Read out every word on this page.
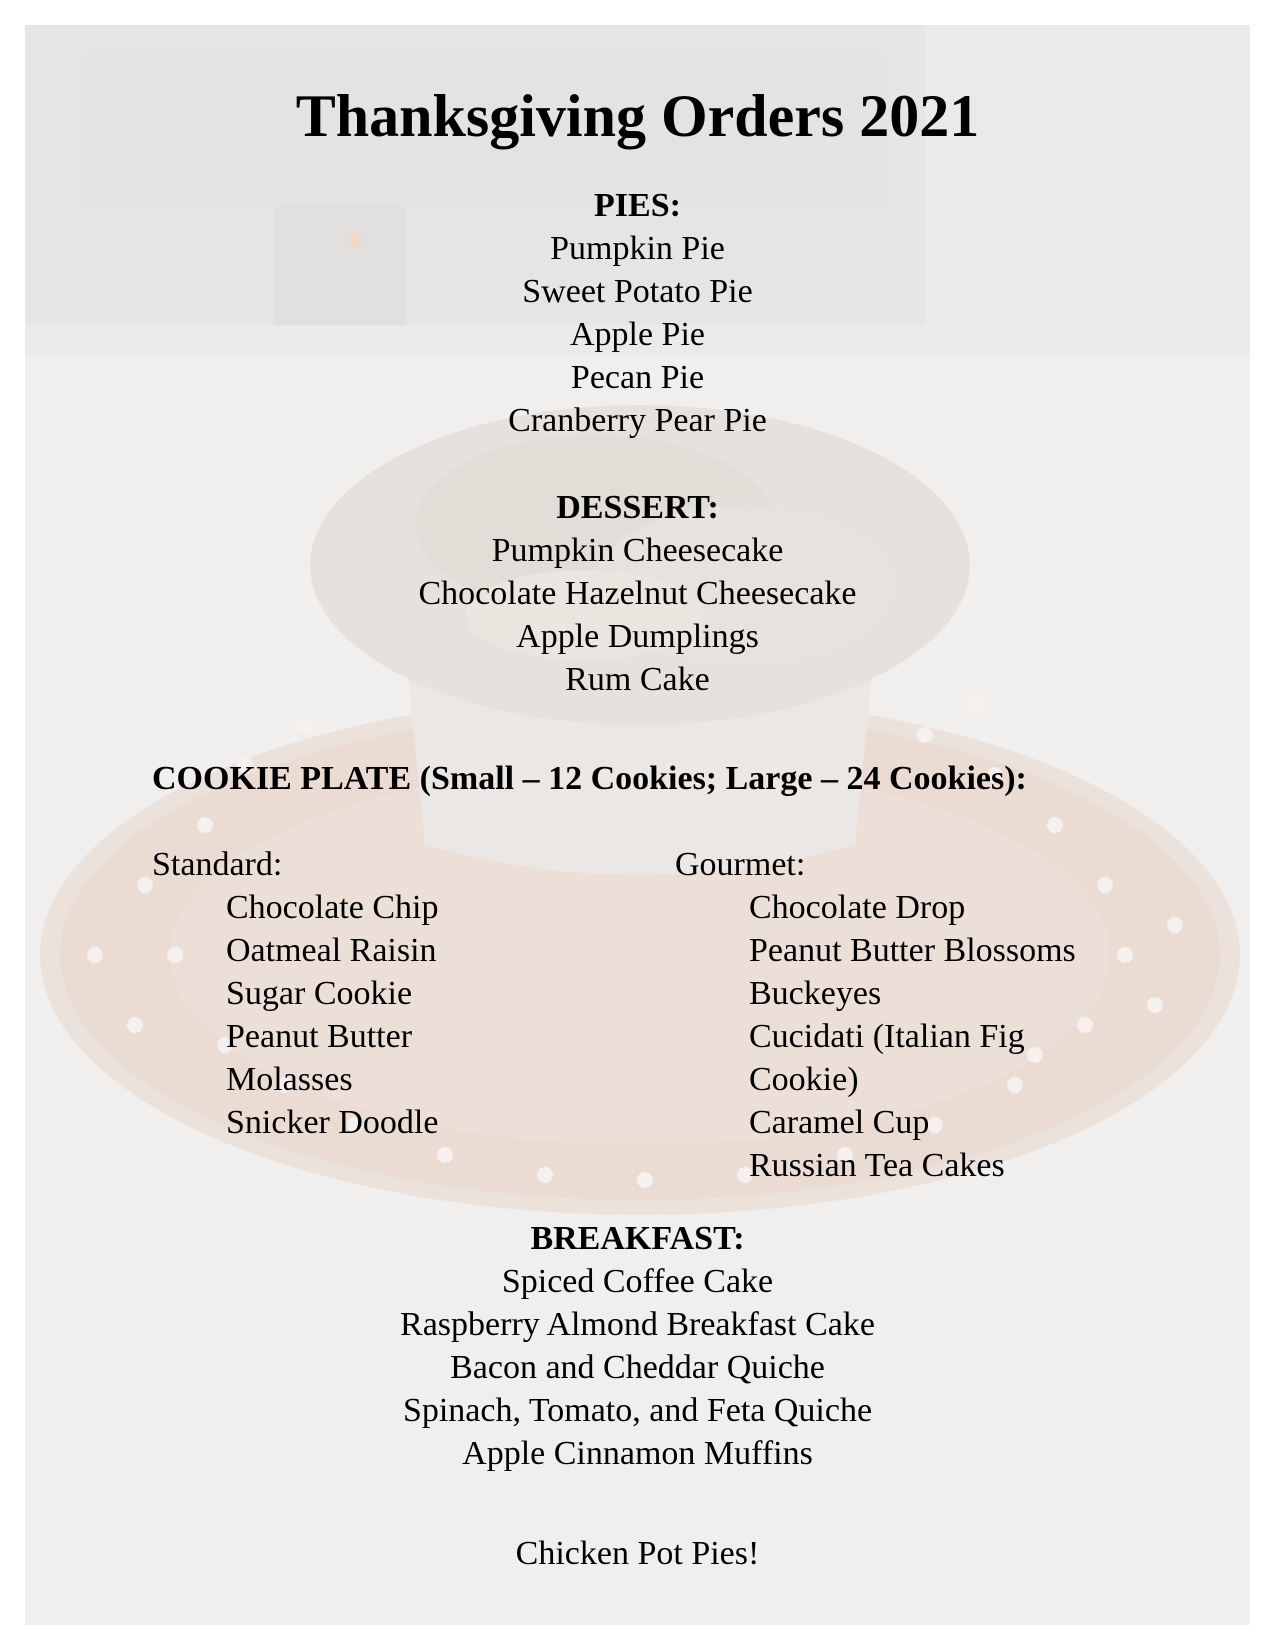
Thanksgiving Orders 2021
PIES:
Pumpkin Pie
Sweet Potato Pie
Apple Pie
Pecan Pie
Cranberry Pear Pie
DESSERT:
Pumpkin Cheesecake
Chocolate Hazelnut Cheesecake
Apple Dumplings
Rum Cake
COOKIE PLATE (Small – 12 Cookies; Large – 24 Cookies):
Standard:
Chocolate Chip
Oatmeal Raisin
Sugar Cookie
Peanut Butter
Molasses
Snicker Doodle
Gourmet:
Chocolate Drop
Peanut Butter Blossoms
Buckeyes
Cucidati (Italian Fig
Cookie)
Caramel Cup
Russian Tea Cakes
BREAKFAST:
Spiced Coffee Cake
Raspberry Almond Breakfast Cake
Bacon and Cheddar Quiche
Spinach, Tomato, and Feta Quiche
Apple Cinnamon Muffins
Chicken Pot Pies!
